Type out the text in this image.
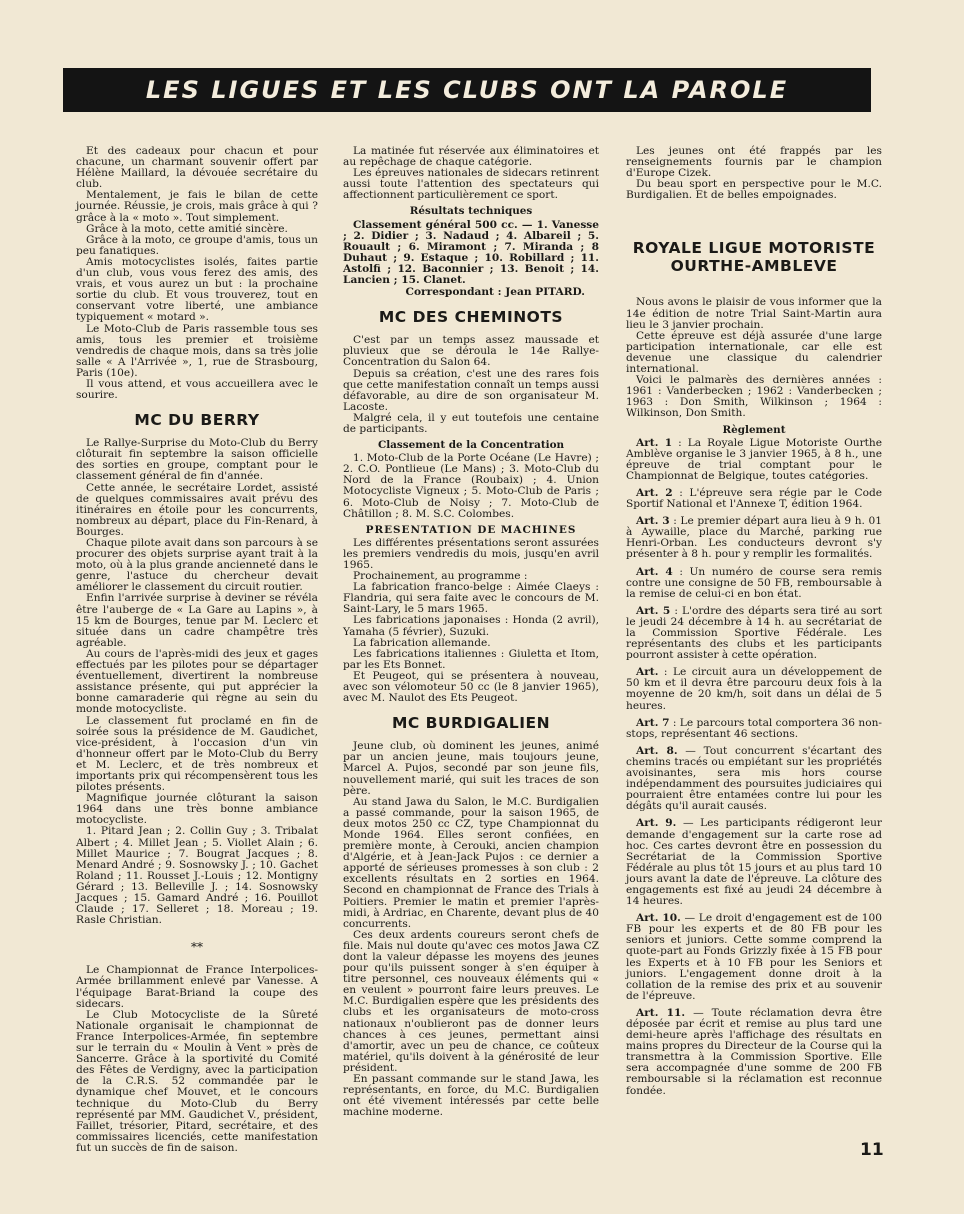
LES LIGUES ET LES CLUBS ONT LA PAROLE

Et des cadeaux pour chacun et pour chacune, un charmant souvenir offert par Hélène Maillard, la dévouée secrétaire du club.

Mentalement, je fais le bilan de cette journée. Réussie, je crois, mais grâce à qui ? grâce à la « moto ». Tout simplement.

Grâce à la moto, cette amitié sincère.

Grâce à la moto, ce groupe d'amis, tous un peu fanatiques.

Amis motocyclistes isolés, faites partie d'un club, vous vous ferez des amis, des vrais, et vous aurez un but : la prochaine sortie du club. Et vous trouverez, tout en conservant votre liberté, une ambiance typiquement « motard ».

Le Moto-Club de Paris rassemble tous ses amis, tous les premier et troisième vendredis de chaque mois, dans sa très jolie salle « A l'Arrivée », 1, rue de Strasbourg, Paris (10e).

Il vous attend, et vous accueillera avec le sourire.

MC DU BERRY

Le Rallye-Surprise du Moto-Club du Berry clôturait fin septembre la saison officielle des sorties en groupe, comptant pour le classement général de fin d'année.

Cette année, le secrétaire Lordet, assisté de quelques commissaires avait prévu des itinéraires en étoile pour les concurrents, nombreux au départ, place du Fin-Renard, à Bourges.

Chaque pilote avait dans son parcours à se procurer des objets surprise ayant trait à la moto, où à la plus grande ancienneté dans le genre, l'astuce du chercheur devait améliorer le classement du circuit routier.

Enfin l'arrivée surprise à deviner se révéla être l'auberge de « La Gare au Lapins », à 15 km de Bourges, tenue par M. Leclerc et située dans un cadre champêtre très agréable.

Au cours de l'après-midi des jeux et gages effectués par les pilotes pour se départager éventuellement, divertirent la nombreuse assistance présente, qui put apprécier la bonne camaraderie qui règne au sein du monde motocycliste.

Le classement fut proclamé en fin de soirée sous la présidence de M. Gaudichet, vice-président, à l'occasion d'un vin d'honneur offert par le Moto-Club du Berry et M. Leclerc, et de très nombreux et importants prix qui récompensèrent tous les pilotes présents.

Magnifique journée clôturant la saison 1964 dans une très bonne ambiance motocycliste.

1. Pitard Jean ; 2. Collin Guy ; 3. Tribalat Albert ; 4. Millet Jean ; 5. Viollet Alain ; 6. Millet Maurice ; 7. Bougrat Jacques ; 8. Menard André ; 9. Sosnowsky J. ; 10. Gachet Roland ; 11. Rousset J.-Louis ; 12. Montigny Gérard ; 13. Belleville J. ; 14. Sosnowsky Jacques ; 15. Gamard André ; 16. Pouillot Claude ; 17. Selleret ; 18. Moreau ; 19. Rasle Christian.

**

Le Championnat de France Interpolices-Armée brillamment enlevé par Vanesse. A l'équipage Barat-Briand la coupe des sidecars.

Le Club Motocycliste de la Sûreté Nationale organisait le championnat de France Interpolices-Armée, fin septembre sur le terrain du « Moulin à Vent » près de Sancerre. Grâce à la sportivité du Comité des Fêtes de Verdigny, avec la participation de la C.R.S. 52 commandée par le dynamique chef Mouvet, et le concours technique du Moto-Club du Berry représenté par MM. Gaudichet V., président, Faillet, trésorier, Pitard, secrétaire, et des commissaires licenciés, cette manifestation fut un succès de fin de saison.

La matinée fut réservée aux éliminatoires et au repêchage de chaque catégorie.

Les épreuves nationales de sidecars retinrent aussi toute l'attention des spectateurs qui affectionnent particulièrement ce sport.

Résultats techniques

Classement général 500 cc. — 1. Vanesse ; 2. Didier ; 3. Nadaud ; 4. Albareil ; 5. Rouault ; 6. Miramont ; 7. Miranda ; 8 Duhaut ; 9. Estaque ; 10. Robillard ; 11. Astolfi ; 12. Baconnier ; 13. Benoit ; 14. Lancien ; 15. Clanet.

Correspondant : Jean PITARD.
MC DES CHEMINOTS

C'est par un temps assez maussade et pluvieux que se déroula le 14e Rallye-Concentration du Salon 64.

Depuis sa création, c'est une des rares fois que cette manifestation connaît un temps aussi défavorable, au dire de son organisateur M. Lacoste.

Malgré cela, il y eut toutefois une centaine de participants.

Classement de la Concentration

1. Moto-Club de la Porte Océane (Le Havre) ; 2. C.O. Pontlieue (Le Mans) ; 3. Moto-Club du Nord de la France (Roubaix) ; 4. Union Motocycliste Vigneux ; 5. Moto-Club de Paris ; 6. Moto-Club de Noisy ; 7. Moto-Club de Châtillon ; 8. M. S.C. Colombes.

PRESENTATION DE MACHINES

Les différentes présentations seront assurées les premiers vendredis du mois, jusqu'en avril 1965.

Prochainement, au programme :

La fabrication franco-belge : Aimée Claeys : Flandria, qui sera faite avec le concours de M. Saint-Lary, le 5 mars 1965.

Les fabrications japonaises : Honda (2 avril), Yamaha (5 février), Suzuki.

La fabrication allemande.

Les fabrications italiennes : Giuletta et Itom, par les Ets Bonnet.

Et Peugeot, qui se présentera à nouveau, avec son vélomoteur 50 cc (le 8 janvier 1965), avec M. Naulot des Ets Peugeot.

MC BURDIGALIEN

Jeune club, où dominent les jeunes, animé par un ancien jeune, mais toujours jeune, Marcel A. Pujos, secondé par son jeune fils, nouvellement marié, qui suit les traces de son père.

Au stand Jawa du Salon, le M.C. Burdigalien a passé commande, pour la saison 1965, de deux motos 250 cc CZ, type Championnat du Monde 1964. Elles seront confiées, en première monte, à Cerouki, ancien champion d'Algérie, et à Jean-Jack Pujos : ce dernier a apporté de sérieuses promesses à son club : 2 excellents résultats en 2 sorties en 1964. Second en championnat de France des Trials à Poitiers. Premier le matin et premier l'après-midi, à Ardriac, en Charente, devant plus de 40 concurrents.

Ces deux ardents coureurs seront chefs de file. Mais nul doute qu'avec ces motos Jawa CZ dont la valeur dépasse les moyens des jeunes pour qu'ils puissent songer à s'en équiper à titre personnel, ces nouveaux éléments qui « en veulent » pourront faire leurs preuves. Le M.C. Burdigalien espère que les présidents des clubs et les organisateurs de moto-cross nationaux n'oublieront pas de donner leurs chances à ces jeunes, permettant ainsi d'amortir, avec un peu de chance, ce coûteux matériel, qu'ils doivent à la générosité de leur président.

En passant commande sur le stand Jawa, les représentants, en force, du M.C. Burdigalien ont été vivement intéressés par cette belle machine moderne.

Les jeunes ont été frappés par les renseignements fournis par le champion d'Europe Cizek.

Du beau sport en perspective pour le M.C. Burdigalien. Et de belles empoignades.

ROYALE LIGUE MOTORISTE OURTHE-AMBLEVE

Nous avons le plaisir de vous informer que la 14e édition de notre Trial Saint-Martin aura lieu le 3 janvier prochain.

Cette épreuve est déjà assurée d'une large participation internationale, car elle est devenue une classique du calendrier international.

Voici le palmarès des dernières années : 1961 : Vanderbecken ; 1962 : Vanderbecken ; 1963 : Don Smith, Wilkinson ; 1964 : Wilkinson, Don Smith.

Règlement

Art. 1 : La Royale Ligue Motoriste Ourthe Amblève organise le 3 janvier 1965, à 8 h., une épreuve de trial comptant pour le Championnat de Belgique, toutes catégories.

Art. 2 : L'épreuve sera régie par le Code Sportif National et l'Annexe T, édition 1964.

Art. 3 : Le premier départ aura lieu à 9 h. 01 à Aywaille, place du Marché, parking rue Henri-Orban. Les conducteurs devront s'y présenter à 8 h. pour y remplir les formalités.

Art. 4 : Un numéro de course sera remis contre une consigne de 50 FB, remboursable à la remise de celui-ci en bon état.

Art. 5 : L'ordre des départs sera tiré au sort le jeudi 24 décembre à 14 h. au secrétariat de la Commission Sportive Fédérale. Les représentants des clubs et les participants pourront assister à cette opération.

Art. : Le circuit aura un développement de 50 km et il devra être parcouru deux fois à la moyenne de 20 km/h, soit dans un délai de 5 heures.

Art. 7 : Le parcours total comportera 36 non-stops, représentant 46 sections.

Art. 8. — Tout concurrent s'écartant des chemins tracés ou empiétant sur les propriétés avoisinantes, sera mis hors course indépendamment des poursuites judiciaires qui pourraient être entamées contre lui pour les dégâts qu'il aurait causés.

Art. 9. — Les participants rédigeront leur demande d'engagement sur la carte rose ad hoc. Ces cartes devront être en possession du Secrétariat de la Commission Sportive Fédérale au plus tôt 15 jours et au plus tard 10 jours avant la date de l'épreuve. La clôture des engagements est fixé au jeudi 24 décembre à 14 heures.

Art. 10. — Le droit d'engagement est de 100 FB pour les experts et de 80 FB pour les seniors et juniors. Cette somme comprend la quote-part au Fonds Grizzly fixée à 15 FB pour les Experts et à 10 FB pour les Seniors et juniors. L'engagement donne droit à la collation de la remise des prix et au souvenir de l'épreuve.

Art. 11. — Toute réclamation devra être déposée par écrit et remise au plus tard une demi-heure après l'affichage des résultats en mains propres du Directeur de la Course qui la transmettra à la Commission Sportive. Elle sera accompagnée d'une somme de 200 FB remboursable si la réclamation est reconnue fondée.

11
